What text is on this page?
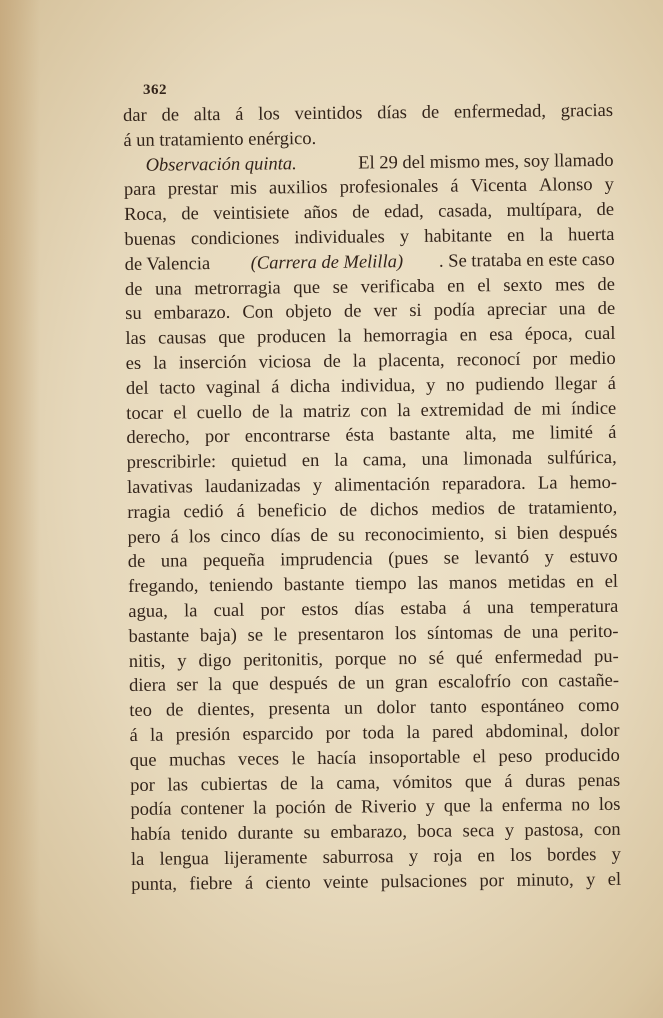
362
dar de alta á los veintidos días de enfermedad, gracias
á un tratamiento enérgico.
Observación quinta.	El 29 del mismo mes, soy llamado
para prestar mis auxilios profesionales á Vicenta Alonso y
Roca, de veintisiete años de edad, casada, multípara, de
buenas condiciones individuales y habitante en la huerta
de Valencia (Carrera de Melilla) . Se trataba en este caso
de una metrorragia que se verificaba en el sexto mes de
su embarazo. Con objeto de ver si podía apreciar una de
las causas que producen la hemorragia en esa época, cual
es la inserción viciosa de la placenta, reconocí por medio
del tacto vaginal á dicha individua, y no pudiendo llegar á
tocar el cuello de la matriz con la extremidad de mi índice
derecho, por encontrarse ésta bastante alta, me limité á
prescribirle: quietud en la cama, una limonada sulfúrica,
lavativas laudanizadas y alimentación reparadora. La hemo-
rragia cedió á beneficio de dichos medios de tratamiento,
pero á los cinco días de su reconocimiento, si bien después
de una pequeña imprudencia (pues se levantó y estuvo
fregando, teniendo bastante tiempo las manos metidas en el
agua, la cual por estos días estaba á una temperatura
bastante baja) se le presentaron los síntomas de una perito-
nitis, y digo peritonitis, porque no sé qué enfermedad pu-
diera ser la que después de un gran escalofrío con castañe-
teo de dientes, presenta un dolor tanto espontáneo como
á la presión esparcido por toda la pared abdominal, dolor
que muchas veces le hacía insoportable el peso producido
por las cubiertas de la cama, vómitos que á duras penas
podía contener la poción de Riverio y que la enferma no los
había tenido durante su embarazo, boca seca y pastosa, con
la lengua lijeramente saburrosa y roja en los bordes y
punta, fiebre á ciento veinte pulsaciones por minuto, y el
